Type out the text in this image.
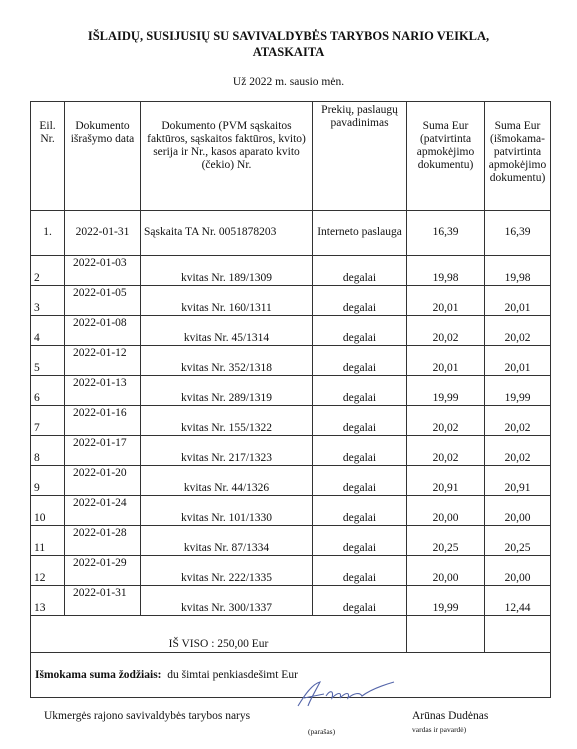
IŠLAIDŲ, SUSIJUSIŲ SU SAVIVALDYBĖS TARYBOS NARIO VEIKLA,
ATASKAITA
Už 2022 m. sausio mėn.
Eil. Nr.	Dokumento išrašymo data	Dokumento (PVM sąskaitos faktūros, sąskaitos faktūros, kvito) serija ir Nr., kasos aparato kvito (čekio) Nr.	Prekių, paslaugų pavadinimas	Suma Eur (patvirtinta apmokėjimo dokumentu)	Suma Eur (išmokama-patvirtinta apmokėjimo dokumentu)

1.	2022-01-31	Sąskaita TA Nr. 0051878203	Interneto paslauga	16,39	16,39

2	2022-01-03	kvitas Nr. 189/1309	degalai	19,98	19,98

3	2022-01-05	kvitas Nr. 160/1311	degalai	20,01	20,01

4	2022-01-08	kvitas Nr. 45/1314	degalai	20,02	20,02

5	2022-01-12	kvitas Nr. 352/1318	degalai	20,01	20,01

6	2022-01-13	kvitas Nr. 289/1319	degalai	19,99	19,99

7	2022-01-16	kvitas Nr. 155/1322	degalai	20,02	20,02

8	2022-01-17	kvitas Nr. 217/1323	degalai	20,02	20,02

9	2022-01-20	kvitas Nr. 44/1326	degalai	20,91	20,91

10	2022-01-24	kvitas Nr. 101/1330	degalai	20,00	20,00

11	2022-01-28	kvitas Nr. 87/1334	degalai	20,25	20,25

12	2022-01-29	kvitas Nr. 222/1335	degalai	20,00	20,00

13	2022-01-31	kvitas Nr. 300/1337	degalai	19,99	12,44

IŠ VISO : 250,00 Eur					

Išmokama suma žodžiais: du šimtai penkiasdešimt Eur					
Ukmergės rajono savivaldybės tarybos narys
(parašas)
Arūnas Dudėnas
vardas ir pavardė)
